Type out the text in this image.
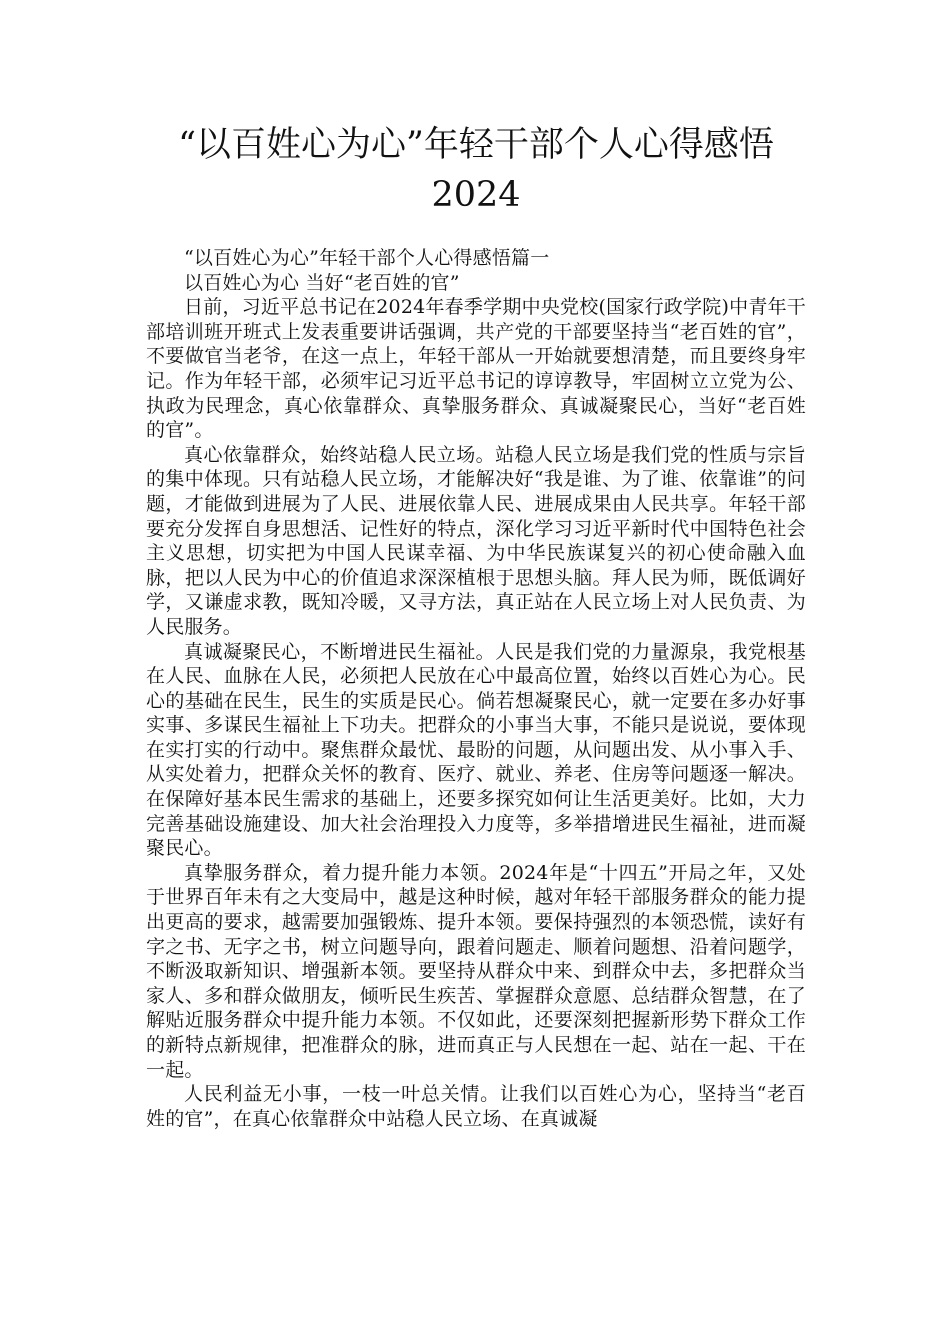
“以百姓心为心”年轻干部个人心得感悟
2024

“以百姓心为心”年轻干部个人心得感悟篇一

以百姓心为心 当好“老百姓的官”

日前，习近平总书记在2024年春季学期中央党校(国家行政学院)中青年干部培训班开班式上发表重要讲话强调，共产党的干部要坚持当“老百姓的官”，不要做官当老爷，在这一点上，年轻干部从一开始就要想清楚，而且要终身牢记。作为年轻干部，必须牢记习近平总书记的谆谆教导，牢固树立立党为公、执政为民理念，真心依靠群众、真挚服务群众、真诚凝聚民心，当好“老百姓的官”。

真心依靠群众，始终站稳人民立场。站稳人民立场是我们党的性质与宗旨的集中体现。只有站稳人民立场，才能解决好“我是谁、为了谁、依靠谁”的问题，才能做到进展为了人民、进展依靠人民、进展成果由人民共享。年轻干部要充分发挥自身思想活、记性好的特点，深化学习习近平新时代中国特色社会主义思想，切实把为中国人民谋幸福、为中华民族谋复兴的初心使命融入血脉，把以人民为中心的价值追求深深植根于思想头脑。拜人民为师，既低调好学，又谦虚求教，既知冷暖，又寻方法，真正站在人民立场上对人民负责、为人民服务。

真诚凝聚民心，不断增进民生福祉。人民是我们党的力量源泉，我党根基在人民、血脉在人民，必须把人民放在心中最高位置，始终以百姓心为心。民心的基础在民生，民生的实质是民心。倘若想凝聚民心，就一定要在多办好事实事、多谋民生福祉上下功夫。把群众的小事当大事，不能只是说说，要体现在实打实的行动中。聚焦群众最忧、最盼的问题，从问题出发、从小事入手、从实处着力，把群众关怀的教育、医疗、就业、养老、住房等问题逐一解决。在保障好基本民生需求的基础上，还要多探究如何让生活更美好。比如，大力完善基础设施建设、加大社会治理投入力度等，多举措增进民生福祉，进而凝聚民心。

真挚服务群众，着力提升能力本领。2024年是“十四五”开局之年，又处于世界百年未有之大变局中，越是这种时候，越对年轻干部服务群众的能力提出更高的要求，越需要加强锻炼、提升本领。要保持强烈的本领恐慌，读好有字之书、无字之书，树立问题导向，跟着问题走、顺着问题想、沿着问题学，不断汲取新知识、增强新本领。要坚持从群众中来、到群众中去，多把群众当家人、多和群众做朋友，倾听民生疾苦、掌握群众意愿、总结群众智慧，在了解贴近服务群众中提升能力本领。不仅如此，还要深刻把握新形势下群众工作的新特点新规律，把准群众的脉，进而真正与人民想在一起、站在一起、干在一起。

人民利益无小事，一枝一叶总关情。让我们以百姓心为心，坚持当“老百姓的官”，在真心依靠群众中站稳人民立场、在真诚凝
